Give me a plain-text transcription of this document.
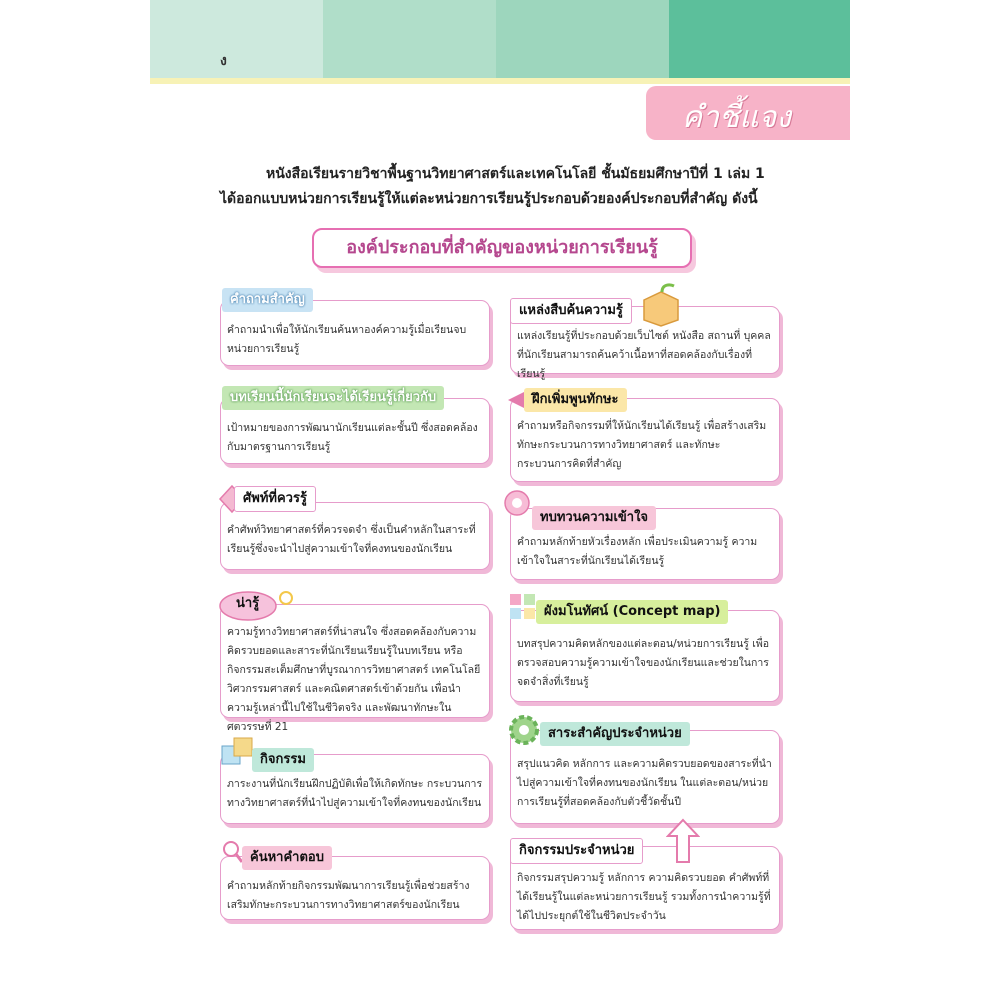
ง
คำชี้แจง
หนังสือเรียนรายวิชาพื้นฐานวิทยาศาสตร์และเทคโนโลยี ชั้นมัธยมศึกษาปีที่ 1 เล่ม 1
ได้ออกแบบหน่วยการเรียนรู้ให้แต่ละหน่วยการเรียนรู้ประกอบด้วยองค์ประกอบที่สำคัญ ดังนี้
องค์ประกอบที่สำคัญของหน่วยการเรียนรู้
คำถามนำเพื่อให้นักเรียนค้นหาองค์ความรู้เมื่อเรียนจบหน่วยการเรียนรู้
คำถามสำคัญ
เป้าหมายของการพัฒนานักเรียนแต่ละชั้นปี ซึ่งสอดคล้องกับมาตรฐานการเรียนรู้
บทเรียนนี้นักเรียนจะได้เรียนรู้เกี่ยวกับ
คำศัพท์วิทยาศาสตร์ที่ควรจดจำ ซึ่งเป็นคำหลักในสาระที่เรียนรู้ซึ่งจะนำไปสู่ความเข้าใจที่คงทนของนักเรียน
ศัพท์ที่ควรรู้
ความรู้ทางวิทยาศาสตร์ที่น่าสนใจ ซึ่งสอดคล้องกับความคิดรวบยอดและสาระที่นักเรียนเรียนรู้ในบทเรียน หรือกิจกรรมสะเต็มศึกษาที่บูรณาการวิทยาศาสตร์ เทคโนโลยี วิศวกรรมศาสตร์ และคณิตศาสตร์เข้าด้วยกัน เพื่อนำความรู้เหล่านี้ไปใช้ในชีวิตจริง และพัฒนาทักษะในศตวรรษที่ 21
น่ารู้
ภาระงานที่นักเรียนฝึกปฏิบัติเพื่อให้เกิดทักษะ กระบวนการทางวิทยาศาสตร์ที่นำไปสู่ความเข้าใจที่คงทนของนักเรียน
กิจกรรม
คำถามหลักท้ายกิจกรรมพัฒนาการเรียนรู้เพื่อช่วยสร้างเสริมทักษะกระบวนการทางวิทยาศาสตร์ของนักเรียน
ค้นหาคำตอบ
แหล่งเรียนรู้ที่ประกอบด้วยเว็บไซต์ หนังสือ สถานที่ บุคคลที่นักเรียนสามารถค้นคว้าเนื้อหาที่สอดคล้องกับเรื่องที่เรียนรู้
แหล่งสืบค้นความรู้
คำถามหรือกิจกรรมที่ให้นักเรียนได้เรียนรู้ เพื่อสร้างเสริมทักษะกระบวนการทางวิทยาศาสตร์ และทักษะกระบวนการคิดที่สำคัญ
ฝึกเพิ่มพูนทักษะ
คำถามหลักท้ายหัวเรื่องหลัก เพื่อประเมินความรู้ ความเข้าใจในสาระที่นักเรียนได้เรียนรู้
ทบทวนความเข้าใจ
บทสรุปความคิดหลักของแต่ละตอน/หน่วยการเรียนรู้ เพื่อตรวจสอบความรู้ความเข้าใจของนักเรียนและช่วยในการจดจำสิ่งที่เรียนรู้
ผังมโนทัศน์ (Concept map)
สรุปแนวคิด หลักการ และความคิดรวบยอดของสาระที่นำไปสู่ความเข้าใจที่คงทนของนักเรียน ในแต่ละตอน/หน่วยการเรียนรู้ที่สอดคล้องกับตัวชี้วัดชั้นปี
สาระสำคัญประจำหน่วย
กิจกรรมสรุปความรู้ หลักการ ความคิดรวบยอด คำศัพท์ที่ได้เรียนรู้ในแต่ละหน่วยการเรียนรู้ รวมทั้งการนำความรู้ที่ได้ไปประยุกต์ใช้ในชีวิตประจำวัน
กิจกรรมประจำหน่วย
